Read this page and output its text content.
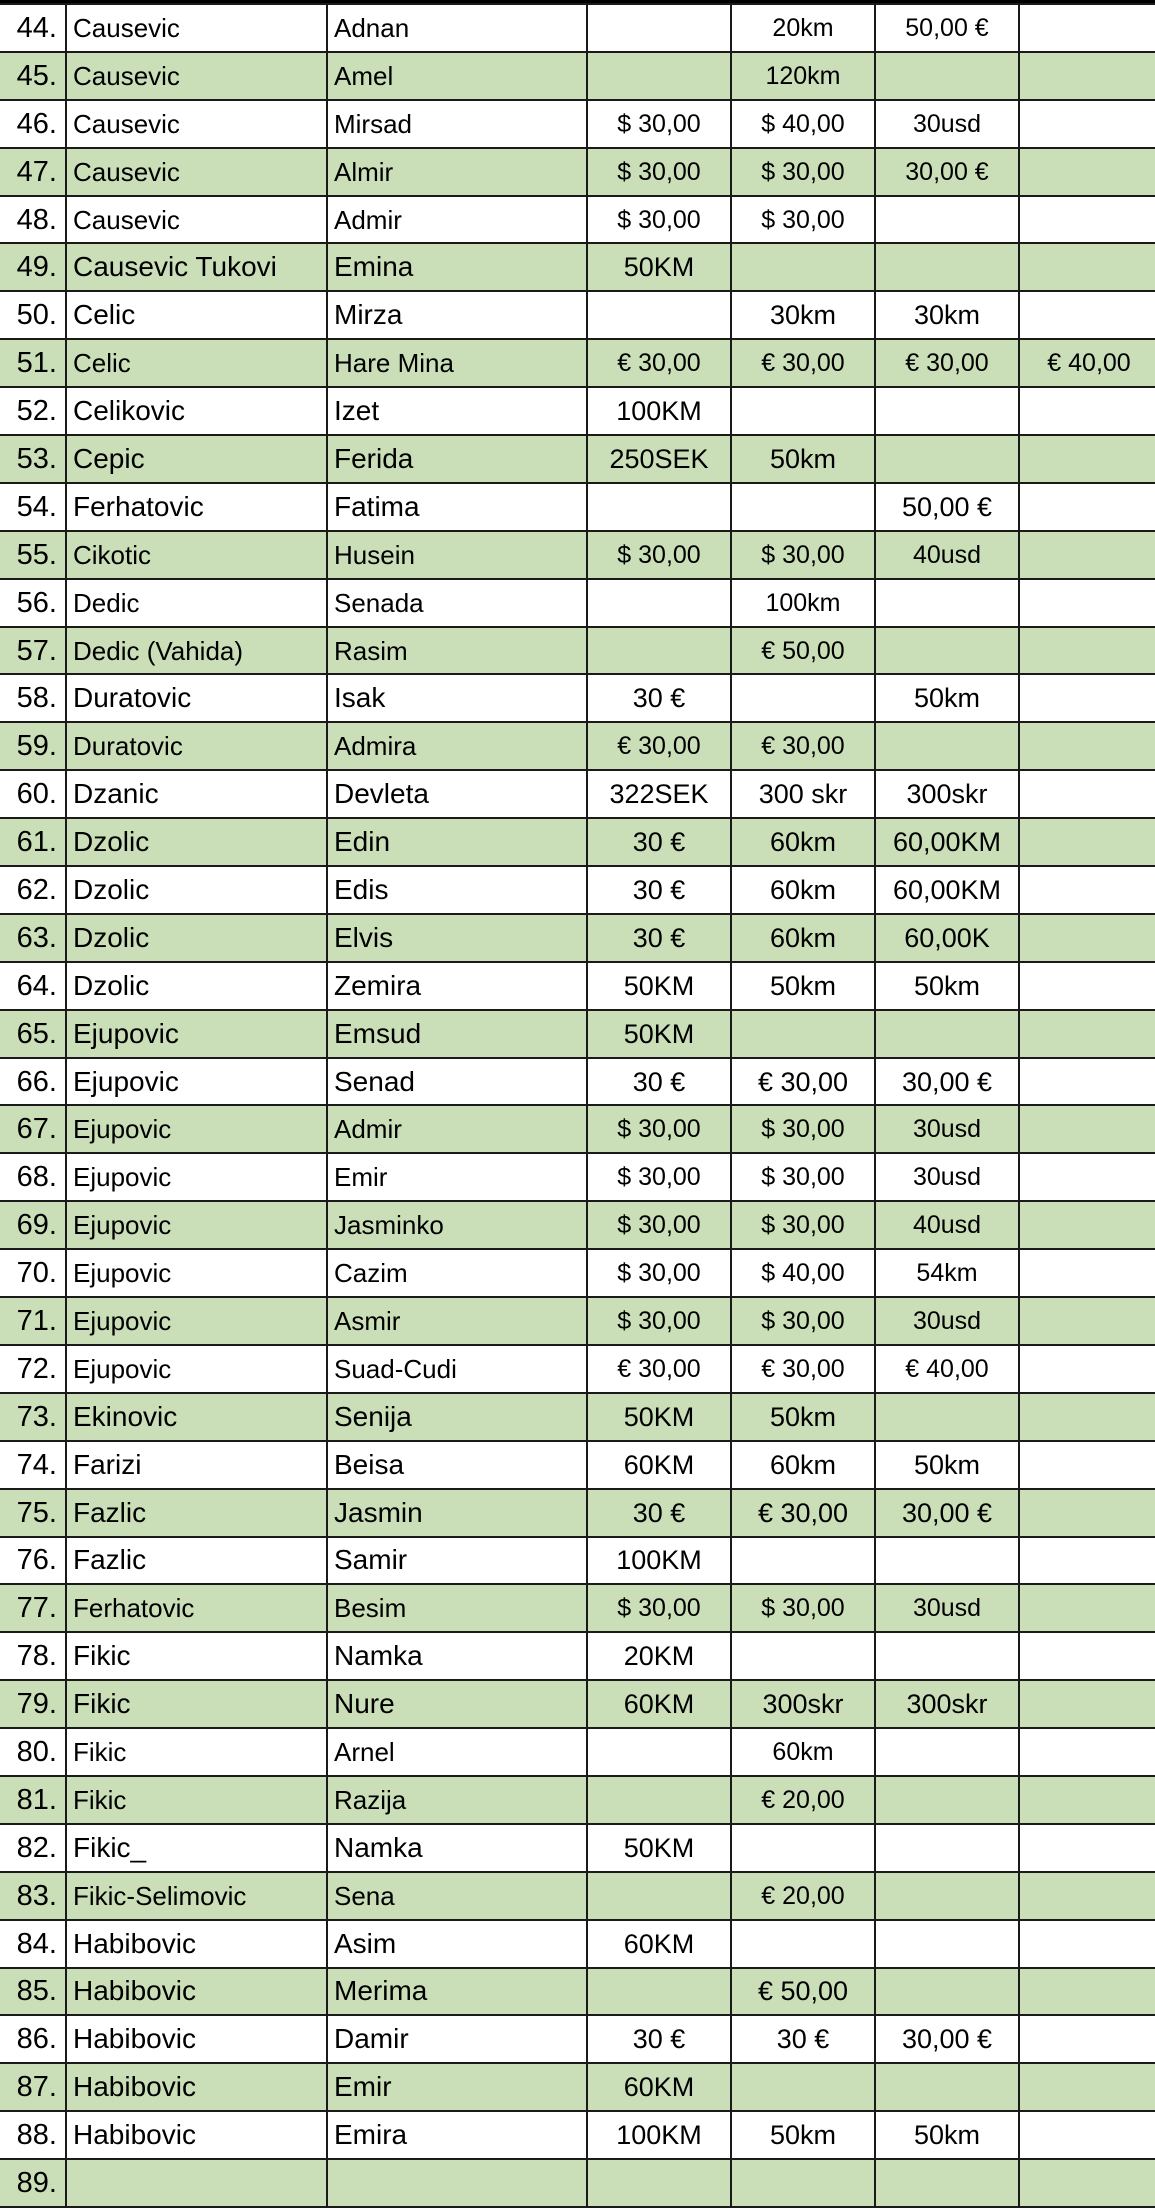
44.	Causevic	Adnan		20km	50,00 €	
45.	Causevic	Amel		120km		
46.	Causevic	Mirsad	$ 30,00	$ 40,00	30usd	
47.	Causevic	Almir	$ 30,00	$ 30,00	30,00 €	
48.	Causevic	Admir	$ 30,00	$ 30,00		
49.	Causevic Tukovi	Emina	50KM			
50.	Celic	Mirza		30km	30km	
51.	Celic	Hare Mina	€ 30,00	€ 30,00	€ 30,00	€ 40,00
52.	Celikovic	Izet	100KM			
53.	Cepic	Ferida	250SEK	50km		
54.	Ferhatovic	Fatima			50,00 €	
55.	Cikotic	Husein	$ 30,00	$ 30,00	40usd	
56.	Dedic	Senada		100km		
57.	Dedic (Vahida)	Rasim		€ 50,00		
58.	Duratovic	Isak	30 €		50km	
59.	Duratovic	Admira	€ 30,00	€ 30,00		
60.	Dzanic	Devleta	322SEK	300 skr	300skr	
61.	Dzolic	Edin	30 €	60km	60,00KM	
62.	Dzolic	Edis	30 €	60km	60,00KM	
63.	Dzolic	Elvis	30 €	60km	60,00K	
64.	Dzolic	Zemira	50KM	50km	50km	
65.	Ejupovic	Emsud	50KM			
66.	Ejupovic	Senad	30 €	€ 30,00	30,00 €	
67.	Ejupovic	Admir	$ 30,00	$ 30,00	30usd	
68.	Ejupovic	Emir	$ 30,00	$ 30,00	30usd	
69.	Ejupovic	Jasminko	$ 30,00	$ 30,00	40usd	
70.	Ejupovic	Cazim	$ 30,00	$ 40,00	54km	
71.	Ejupovic	Asmir	$ 30,00	$ 30,00	30usd	
72.	Ejupovic	Suad-Cudi	€ 30,00	€ 30,00	€ 40,00	
73.	Ekinovic	Senija	50KM	50km		
74.	Farizi	Beisa	60KM	60km	50km	
75.	Fazlic	Jasmin	30 €	€ 30,00	30,00 €	
76.	Fazlic	Samir	100KM			
77.	Ferhatovic	Besim	$ 30,00	$ 30,00	30usd	
78.	Fikic	Namka	20KM			
79.	Fikic	Nure	60KM	300skr	300skr	
80.	Fikic	Arnel		60km		
81.	Fikic	Razija		€ 20,00		
82.	Fikic_	Namka	50KM			
83.	Fikic-Selimovic	Sena		€ 20,00		
84.	Habibovic	Asim	60KM			
85.	Habibovic	Merima		€ 50,00		
86.	Habibovic	Damir	30 €	30 €	30,00 €	
87.	Habibovic	Emir	60KM			
88.	Habibovic	Emira	100KM	50km	50km	
89.						
